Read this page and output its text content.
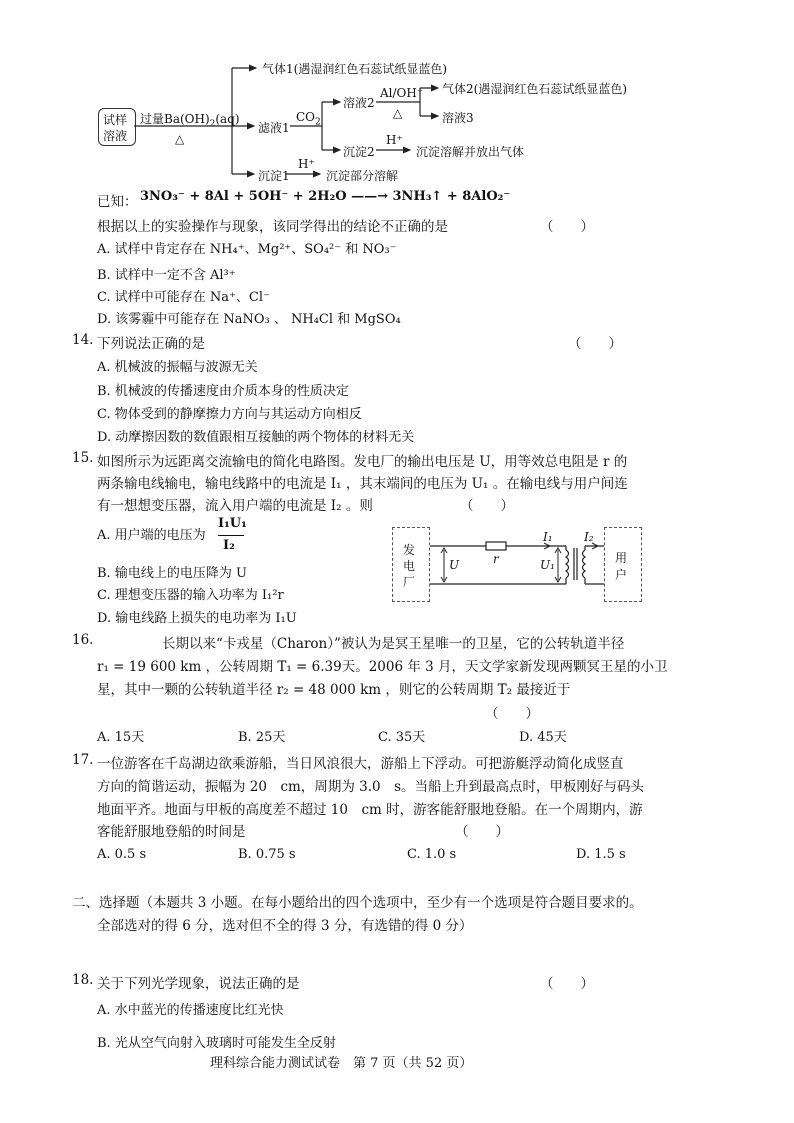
试样
溶液
过量$Ba(OH)_2(aq)$
△
气体1(遇湿润红色石蕊试纸显蓝色)
滤液1
$CO_2$
溶液2
Al/OH⁻
△
气体2(遇湿润红色石蕊试纸显蓝色)
溶液3
沉淀2
H⁺
沉淀溶解并放出气体
沉淀1
H⁺
沉淀部分溶解
已知： 3NO₃⁻ + 8Al + 5OH⁻ + 2H₂O ——→ 3NH₃↑ + 8AlO₂⁻
根据以上的实验操作与现象，该同学得出的结论不正确的是	（　　）
A. 试样中肯定存在 NH₄⁺、Mg²⁺、SO₄²⁻ 和 NO₃⁻
B. 试样中一定不含 Al³⁺
C. 试样中可能存在 Na⁺、Cl⁻
D. 该雾霾中可能存在 NaNO₃ 、 NH₄Cl 和 MgSO₄
14. 下列说法正确的是	（　　）
A. 机械波的振幅与波源无关
B. 机械波的传播速度由介质本身的性质决定
C. 物体受到的静摩擦力方向与其运动方向相反
D. 动摩擦因数的数值跟相互接触的两个物体的材料无关
15. 如图所示为远距离交流输电的简化电路图。发电厂的输出电压是 U，用等效总电阻是 r 的
两条输电线输电，输电线路中的电流是 I₁ ，其末端间的电压为 U₁ 。在输电线与用户间连
有一想想变压器，流入用户端的电流是 I₂ 。则	（　　）
A. 用户端的电压为
I₁U₁
I₂
B. 输电线上的电压降为 U
C. 理想变压器的输入功率为 I₁²r
D. 输电线路上损失的电功率为 I₁U
发
电
厂
用
户
U	r
I₁
U₁
I₂
16.	长期以来“卡戎星（Charon）”被认为是冥王星唯一的卫星，它的公转轨道半径
r₁ = 19 600 km ，公转周期 T₁ = 6.39天。2006 年 3 月，天文学家新发现两颗冥王星的小卫
星，其中一颗的公转轨道半径 r₂ = 48 000 km ，则它的公转周期 T₂ 最接近于
（　　）
A. 15天	B. 25天	C. 35天	D. 45天
17. 一位游客在千岛湖边欲乘游船，当日风浪很大，游船上下浮动。可把游艇浮动简化成竖直
方向的简谐运动，振幅为 20　cm，周期为 3.0　s。当船上升到最高点时，甲板刚好与码头
地面平齐。地面与甲板的高度差不超过 10　cm 时，游客能舒服地登船。在一个周期内，游
客能舒服地登船的时间是	（　　）
A. 0.5 s	B. 0.75 s	C. 1.0 s	D. 1.5 s
二、选择题（本题共 3 小题。在每小题给出的四个选项中，至少有一个选项是符合题目要求的。
全部选对的得 6 分，选对但不全的得 3 分，有选错的得 0 分）
18. 关于下列光学现象，说法正确的是	（　　）
A. 水中蓝光的传播速度比红光快
B. 光从空气向射入玻璃时可能发生全反射
理科综合能力测试试卷　第 7 页（共 52 页）
